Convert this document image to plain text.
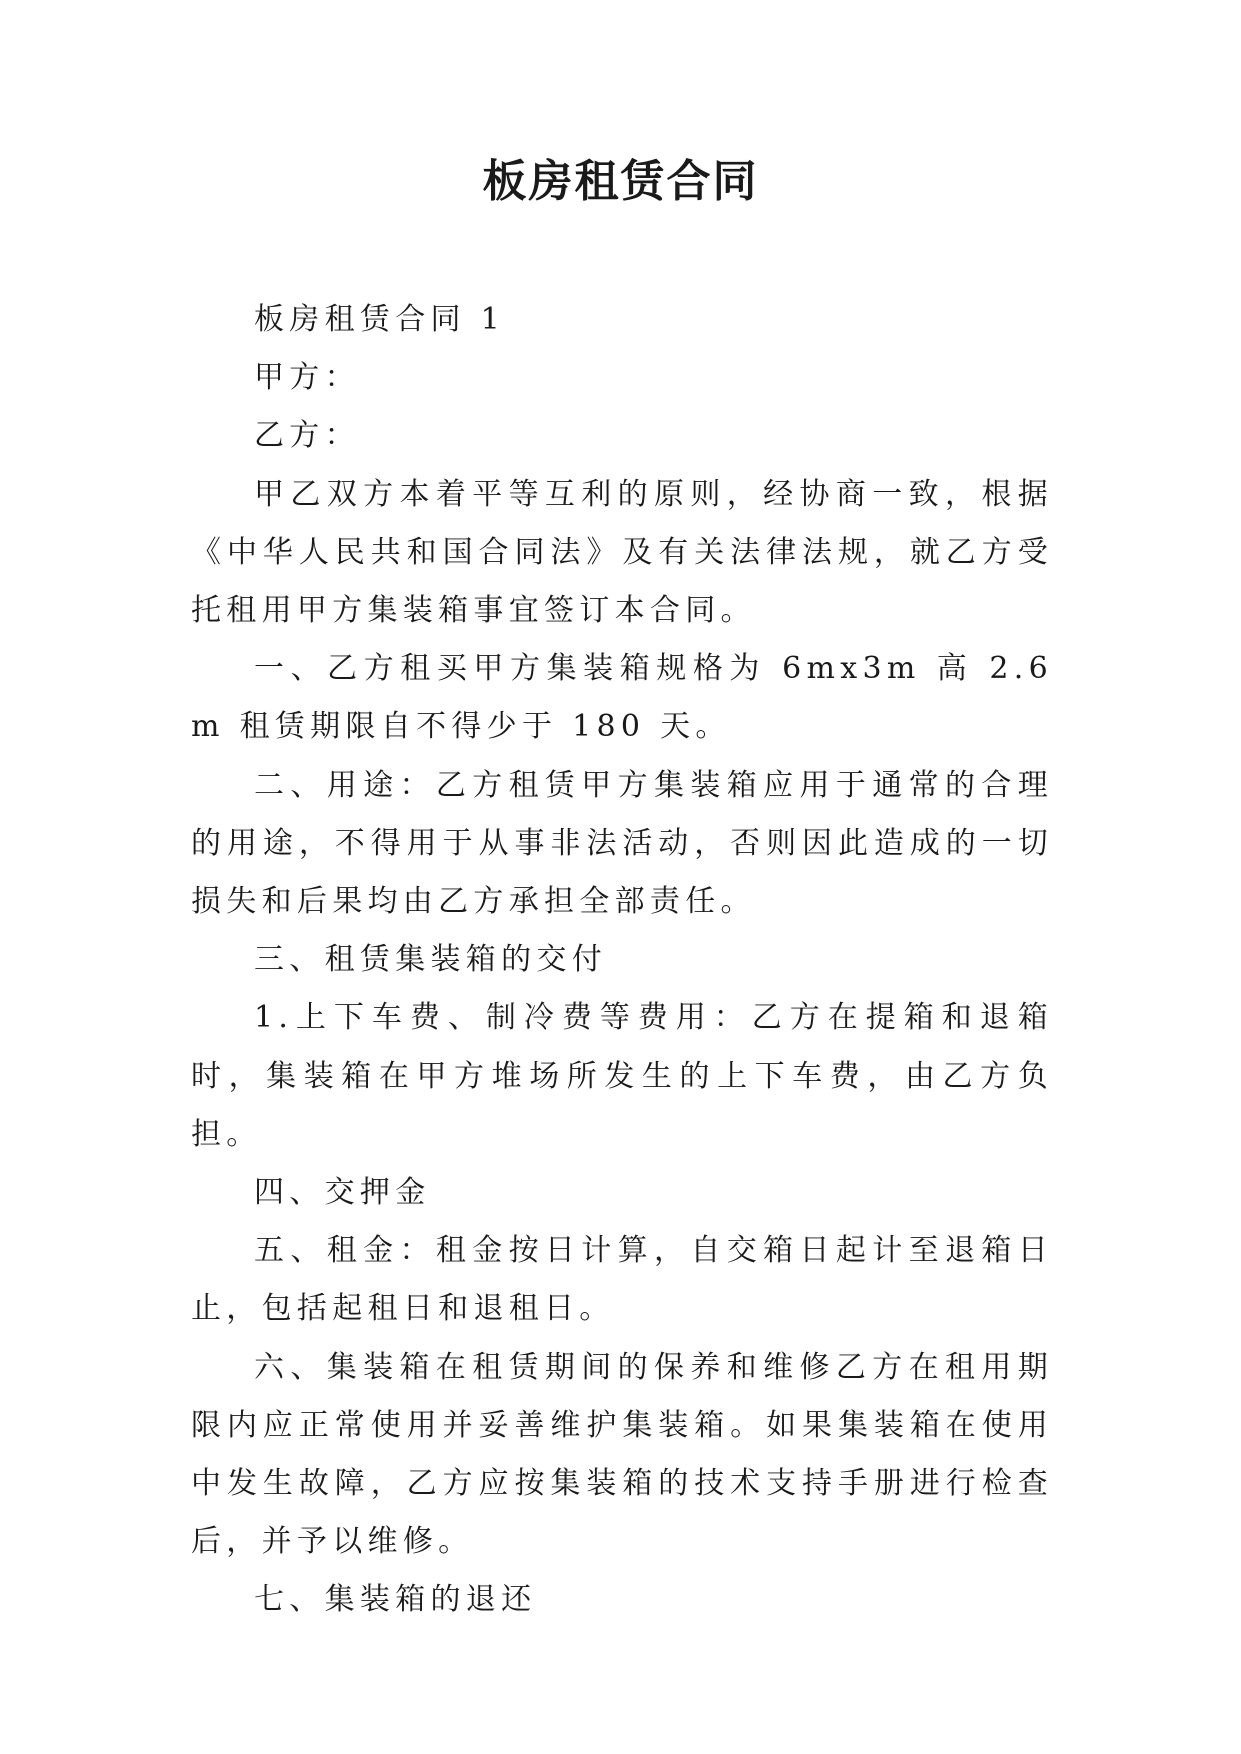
板房租赁合同

板房租赁合同 1

甲方：

乙方：

甲乙双方本着平等互利的原则，经协商一致，根据《中华人民共和国合同法》及有关法律法规，就乙方受托租用甲方集装箱事宜签订本合同。

一、乙方租买甲方集装箱规格为 6mx3m 高 2.6m 租赁期限自不得少于 180 天。

二、用途：乙方租赁甲方集装箱应用于通常的合理的用途，不得用于从事非法活动，否则因此造成的一切损失和后果均由乙方承担全部责任。

三、租赁集装箱的交付

1.上下车费、制冷费等费用：乙方在提箱和退箱时，集装箱在甲方堆场所发生的上下车费，由乙方负担。

四、交押金

五、租金：租金按日计算，自交箱日起计至退箱日止，包括起租日和退租日。

六、集装箱在租赁期间的保养和维修乙方在租用期限内应正常使用并妥善维护集装箱。如果集装箱在使用中发生故障，乙方应按集装箱的技术支持手册进行检查后，并予以维修。

七、集装箱的退还
